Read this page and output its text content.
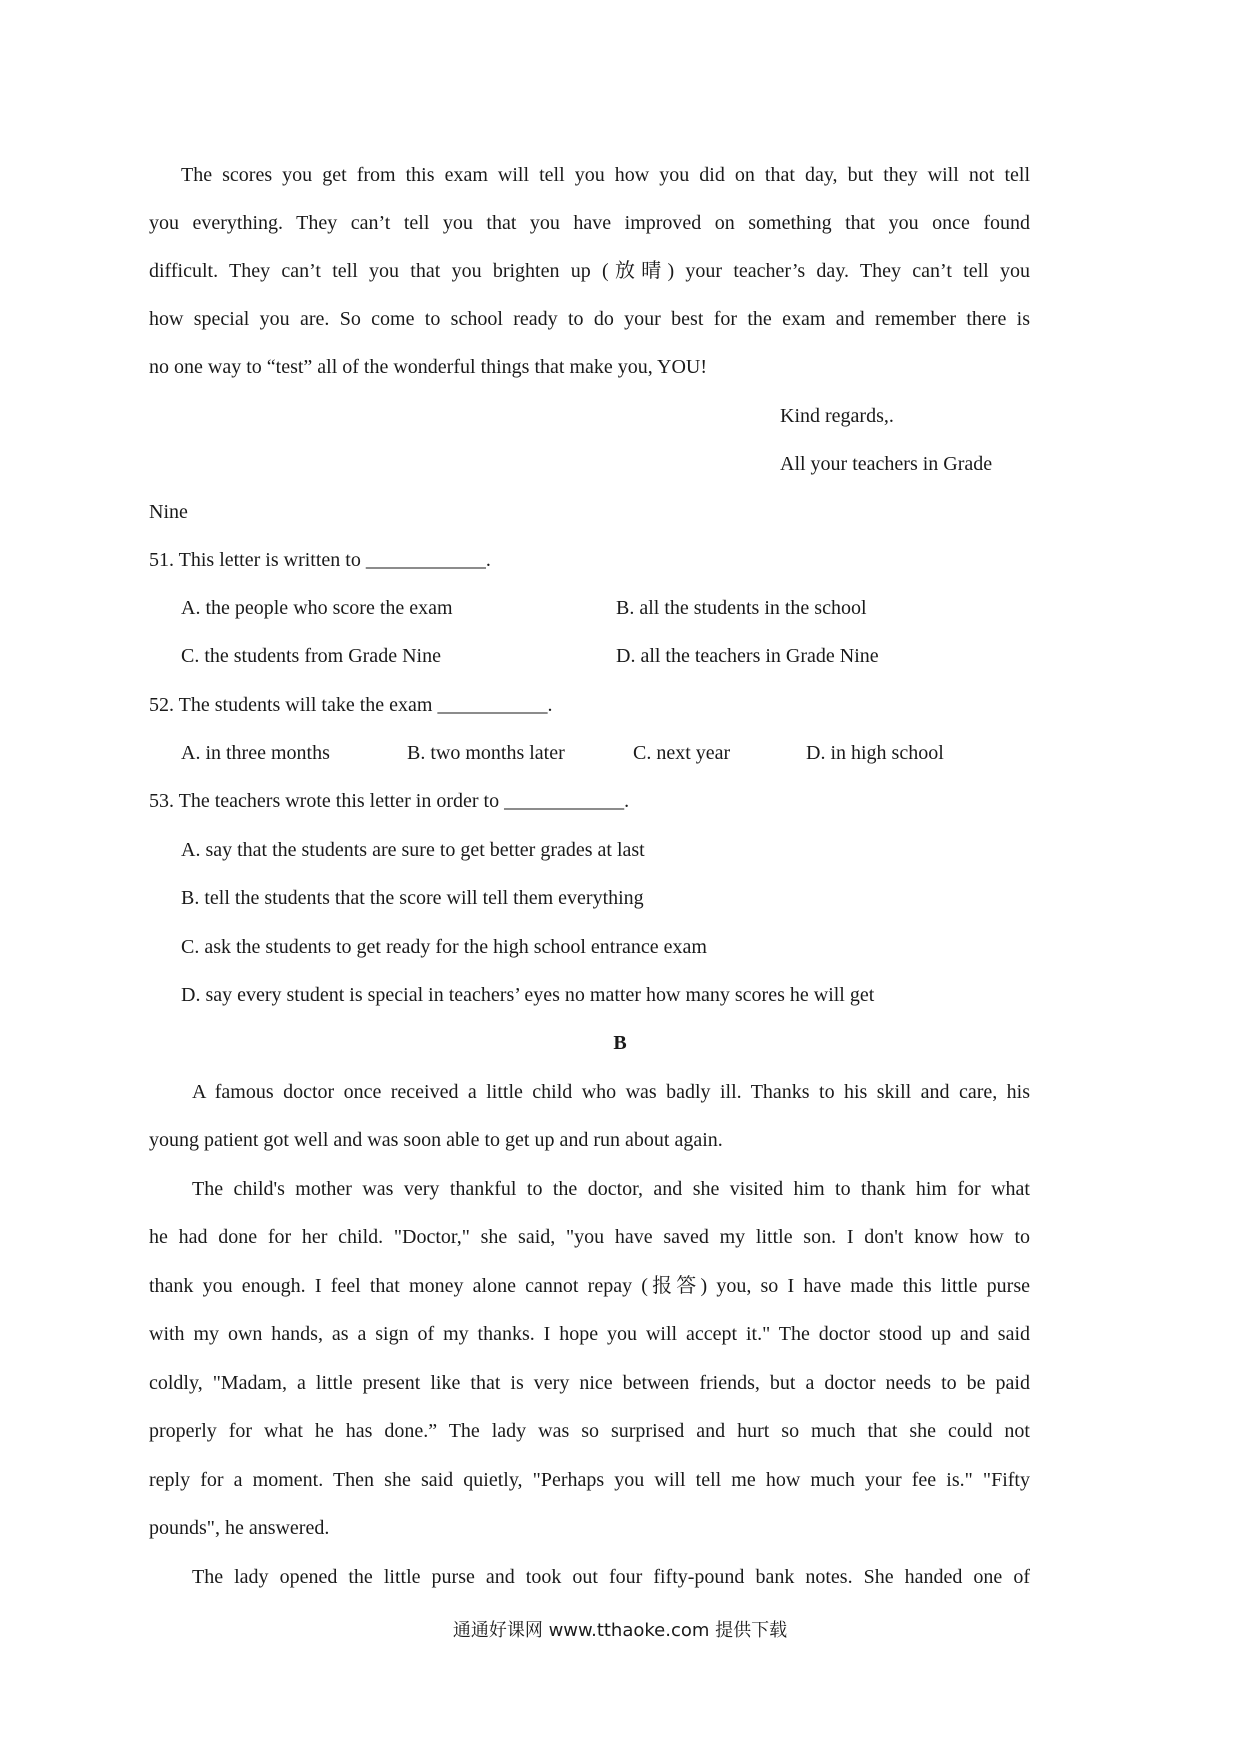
The scores you get from this exam will tell you how you did on that day, but they will not tell
you everything. They can’t tell you that you have improved on something that you once found
difficult. They can’t tell you that you brighten up (放晴) your teacher’s day. They can’t tell you
how special you are. So come to school ready to do your best for the exam and remember there is
no one way to “test” all of the wonderful things that make you, YOU!
Kind regards,.
All your teachers in Grade
Nine
51. This letter is written to ____________.
A. the people who score the exam	B. all the students in the school
C. the students from Grade Nine	D. all the teachers in Grade Nine
52. The students will take the exam ___________.
A. in three months	B. two months later	C. next year	D. in high school
53. The teachers wrote this letter in order to ____________.
A. say that the students are sure to get better grades at last
B. tell the students that the score will tell them everything
C. ask the students to get ready for the high school entrance exam
D. say every student is special in teachers’ eyes no matter how many scores he will get
B
A famous doctor once received a little child who was badly ill. Thanks to his skill and care, his
young patient got well and was soon able to get up and run about again.
The child's mother was very thankful to the doctor, and she visited him to thank him for what
he had done for her child. "Doctor," she said, "you have saved my little son. I don't know how to
thank you enough. I feel that money alone cannot repay (报答) you, so I have made this little purse
with my own hands, as a sign of my thanks. I hope you will accept it." The doctor stood up and said
coldly, "Madam, a little present like that is very nice between friends, but a doctor needs to be paid
properly for what he has done.” The lady was so surprised and hurt so much that she could not
reply for a moment. Then she said quietly, "Perhaps you will tell me how much your fee is." "Fifty
pounds", he answered.
The lady opened the little purse and took out four fifty-pound bank notes. She handed one of
通通好课网 www.tthaoke.com 提供下载
